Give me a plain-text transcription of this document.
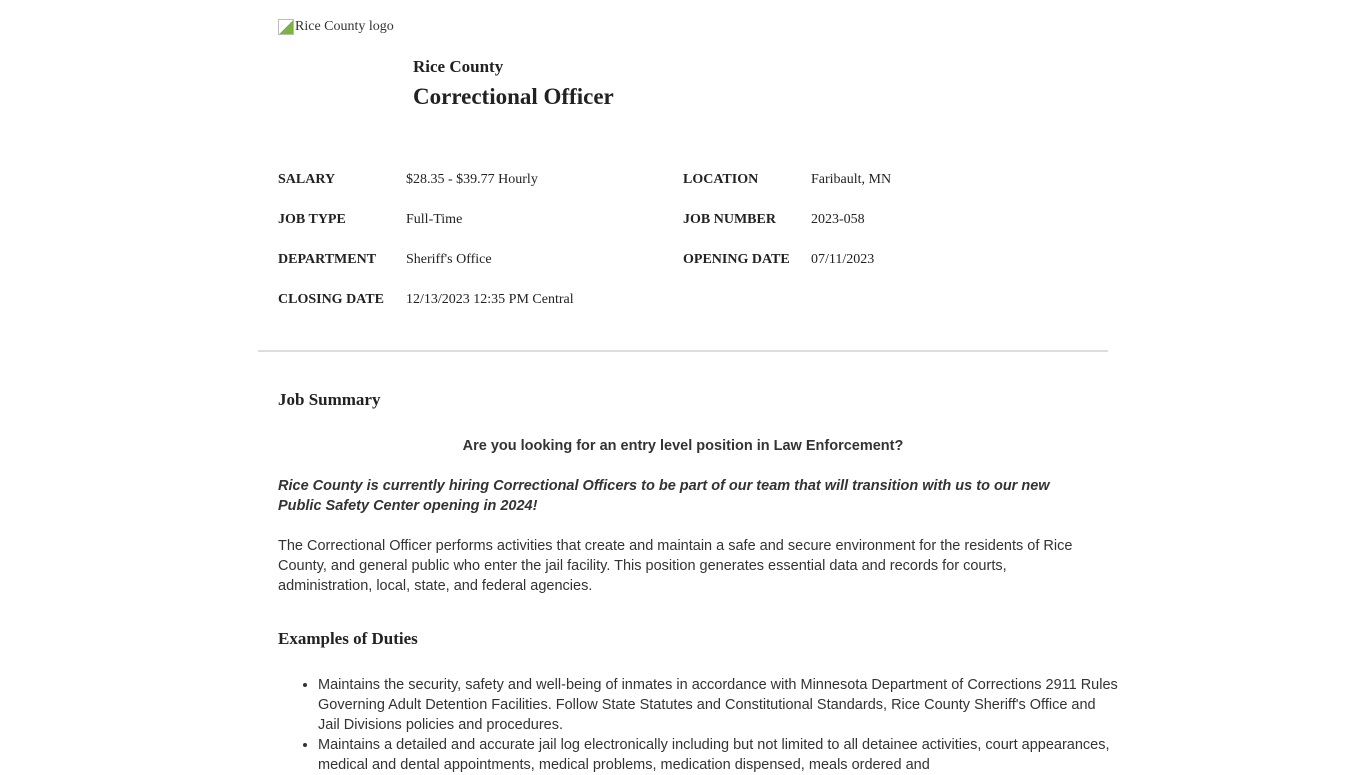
Rice County logo
Rice County
Correctional Officer
SALARY	$28.35 - $39.77 Hourly	LOCATION	Faribault, MN
JOB TYPE	Full-Time	JOB NUMBER	2023-058
DEPARTMENT Sheriff's Office	OPENING DATE 07/11/2023
CLOSING DATE 12/13/2023 12:35 PM Central
Job Summary
Are you looking for an entry level position in Law Enforcement?
Rice County is currently hiring Correctional Officers to be part of our team that will transition with us to our new Public Safety Center opening in 2024!
The Correctional Officer performs activities that create and maintain a safe and secure environment for the residents of Rice County, and general public who enter the jail facility. This position generates essential data and records for courts, administration, local, state, and federal agencies.
Examples of Duties
• Maintains the security, safety and well-being of inmates in accordance with Minnesota Department of Corrections 2911 Rules Governing Adult Detention Facilities. Follow State Statutes and Constitutional Standards, Rice County Sheriff's Office and Jail Divisions policies and procedures.
• Maintains a detailed and accurate jail log electronically including but not limited to all detainee activities, court appearances, medical and dental appointments, medical problems, medication dispensed, meals ordered and
